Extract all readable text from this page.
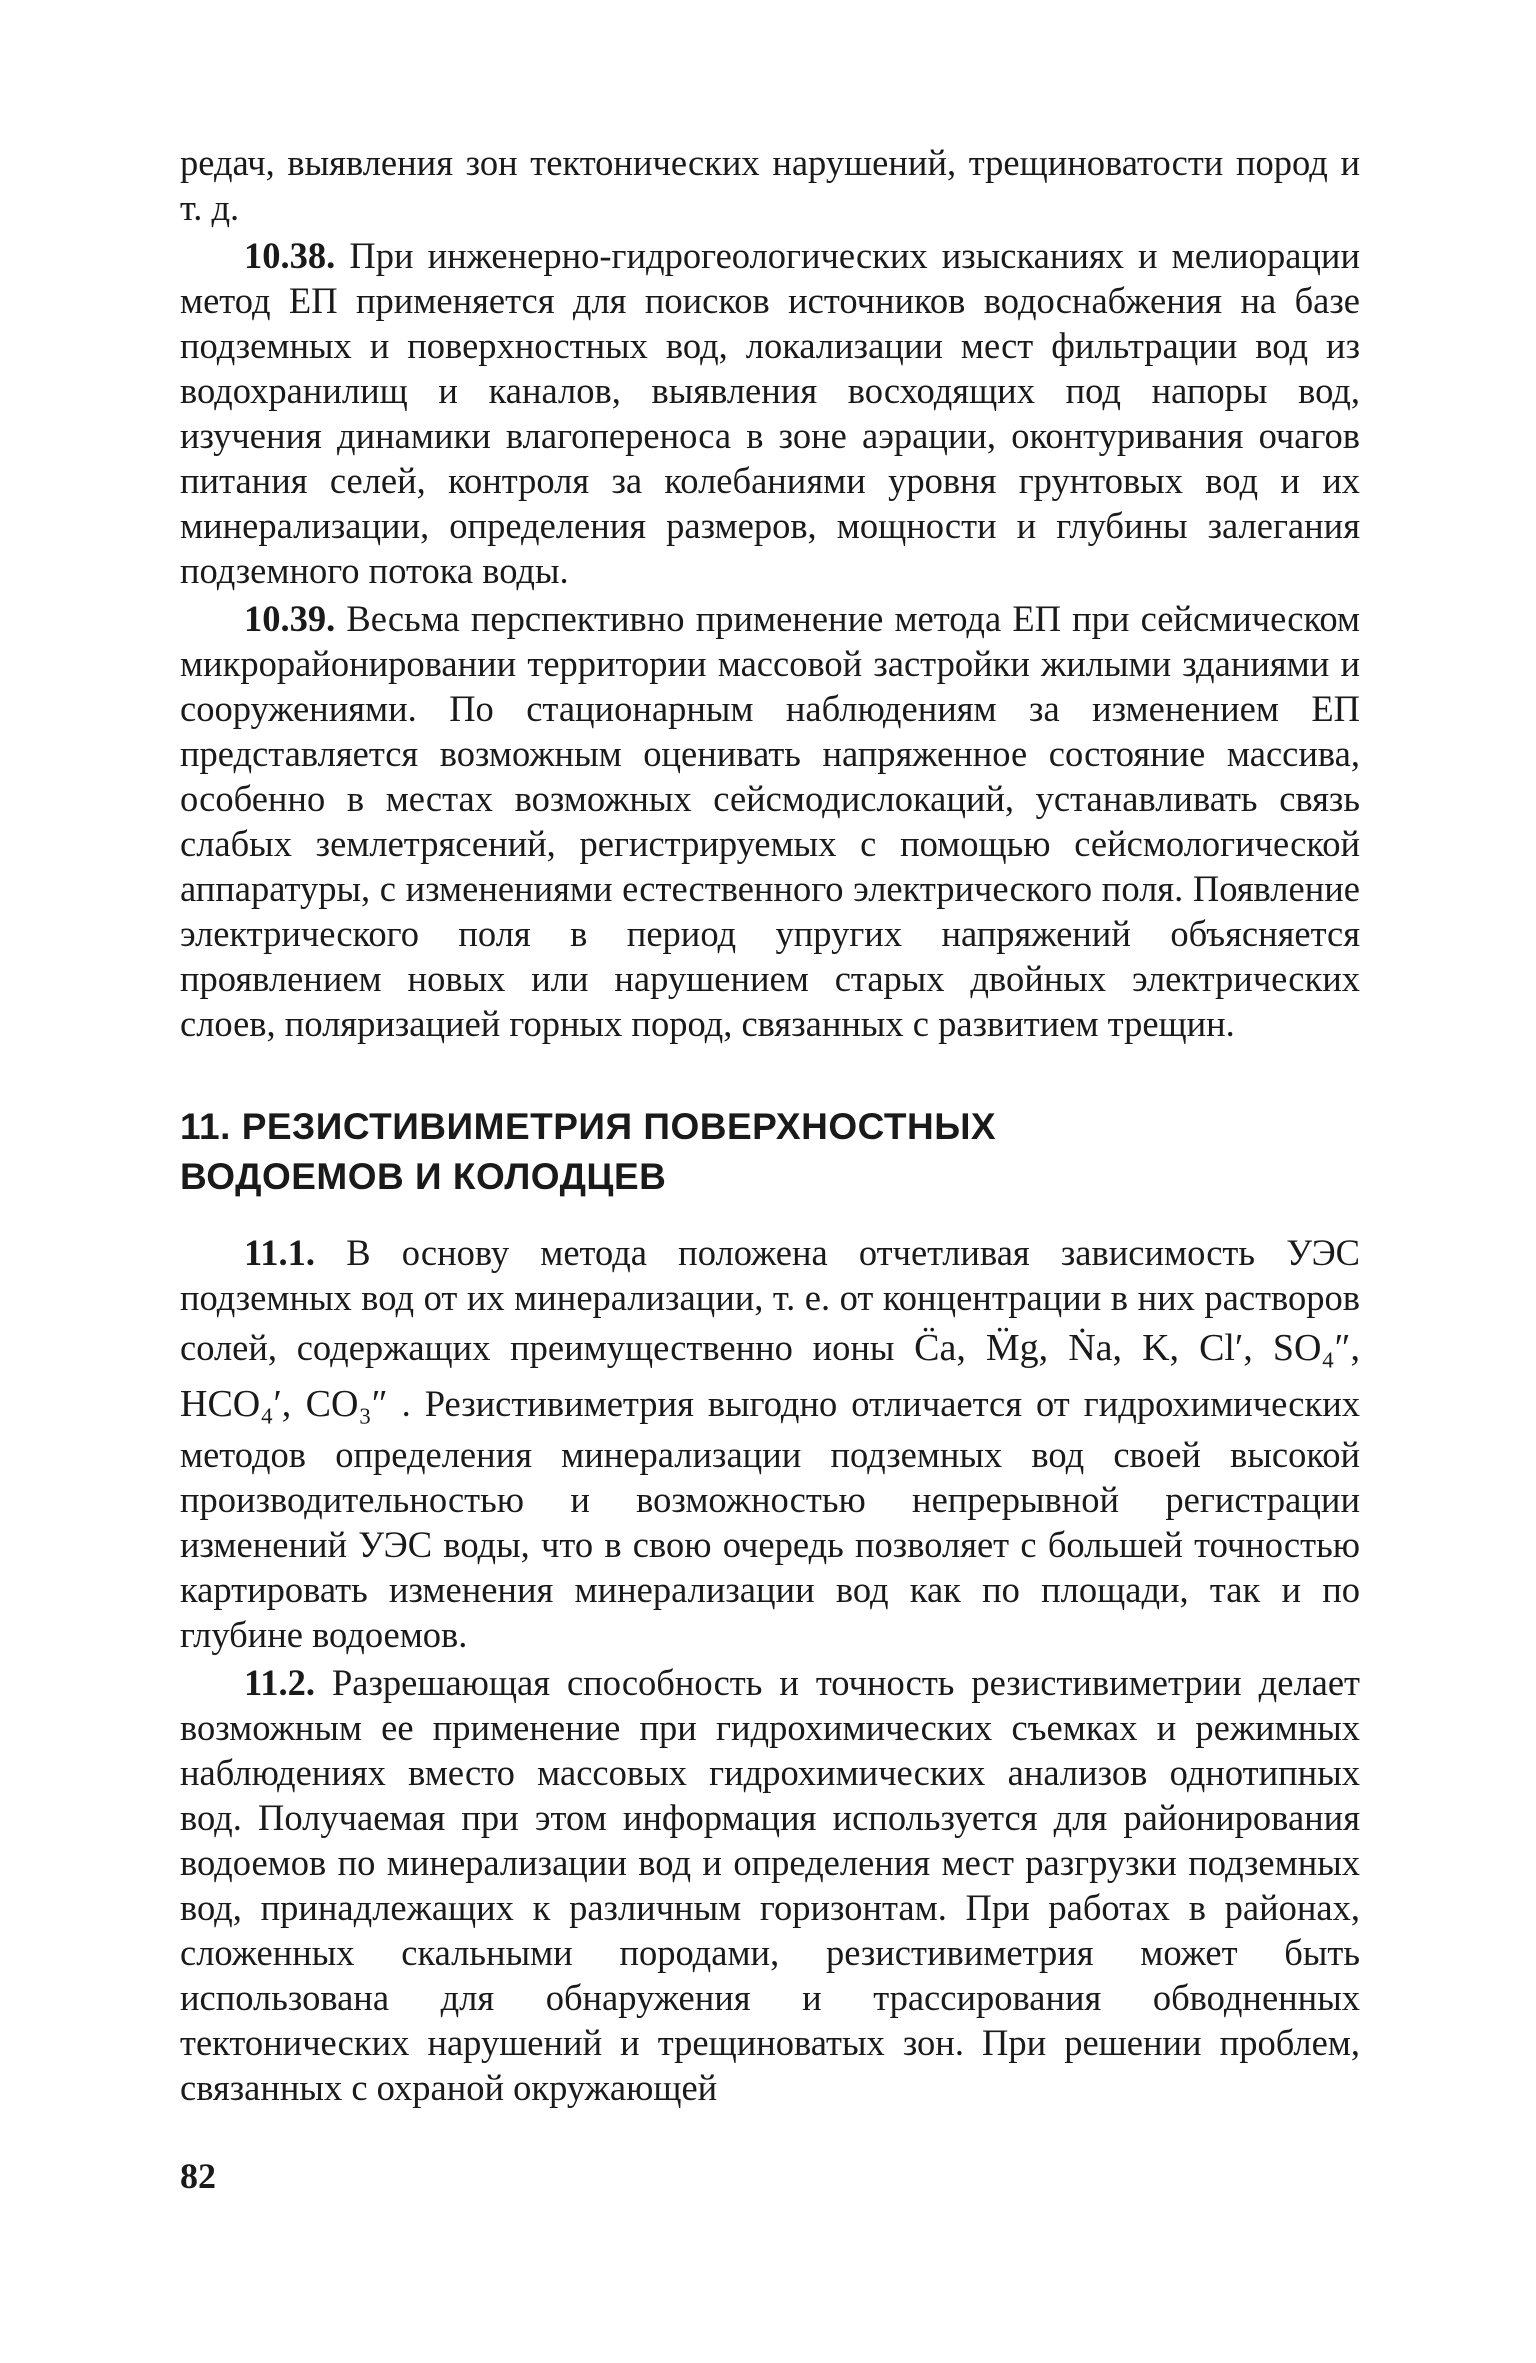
редач, выявления зон тектонических нарушений, трещиноватости пород и т. д.

10.38. При инженерно-гидрогеологических изысканиях и мелиорации метод ЕП применяется для поисков источников водоснабжения на базе подземных и поверхностных вод, локализации мест фильтрации вод из водохранилищ и каналов, выявления восходящих под напоры вод, изучения динамики влагопереноса в зоне аэрации, оконтуривания очагов питания селей, контроля за колебаниями уровня грунтовых вод и их минерализации, определения размеров, мощности и глубины залегания подземного потока воды.

10.39. Весьма перспективно применение метода ЕП при сейсмическом микрорайонировании территории массовой застройки жилыми зданиями и сооружениями. По стационарным наблюдениям за изменением ЕП представляется возможным оценивать напряженное состояние массива, особенно в местах возможных сейсмодислокаций, устанавливать связь слабых землетрясений, регистрируемых с помощью сейсмологической аппаратуры, с изменениями естественного электрического поля. Появление электрического поля в период упругих напряжений объясняется проявлением новых или нарушением старых двойных электрических слоев, поляризацией горных пород, связанных с развитием трещин.

11. РЕЗИСТИВИМЕТРИЯ ПОВЕРХНОСТНЫХ
ВОДОЕМОВ И КОЛОДЦЕВ

11.1. В основу метода положена отчетливая зависимость УЭС подземных вод от их минерализации, т. е. от концентрации в них растворов солей, содержащих преимущественно ионы C̈a, M̈g, Ṅa, K, Cl′, SO₄″, HCO₄′, CO₃″ . Резистивиметрия выгодно отличается от гидрохимических методов определения минерализации подземных вод своей высокой производительностью и возможностью непрерывной регистрации изменений УЭС воды, что в свою очередь позволяет с большей точностью картировать изменения минерализации вод как по площади, так и по глубине водоемов.

11.2. Разрешающая способность и точность резистивиметрии делает возможным ее применение при гидрохимических съемках и режимных наблюдениях вместо массовых гидрохимических анализов однотипных вод. Получаемая при этом информация используется для районирования водоемов по минерализации вод и определения мест разгрузки подземных вод, принадлежащих к различным горизонтам. При работах в районах, сложенных скальными породами, резистивиметрия может быть использована для обнаружения и трассирования обводненных тектонических нарушений и трещиноватых зон. При решении проблем, связанных с охраной окружающей

82
